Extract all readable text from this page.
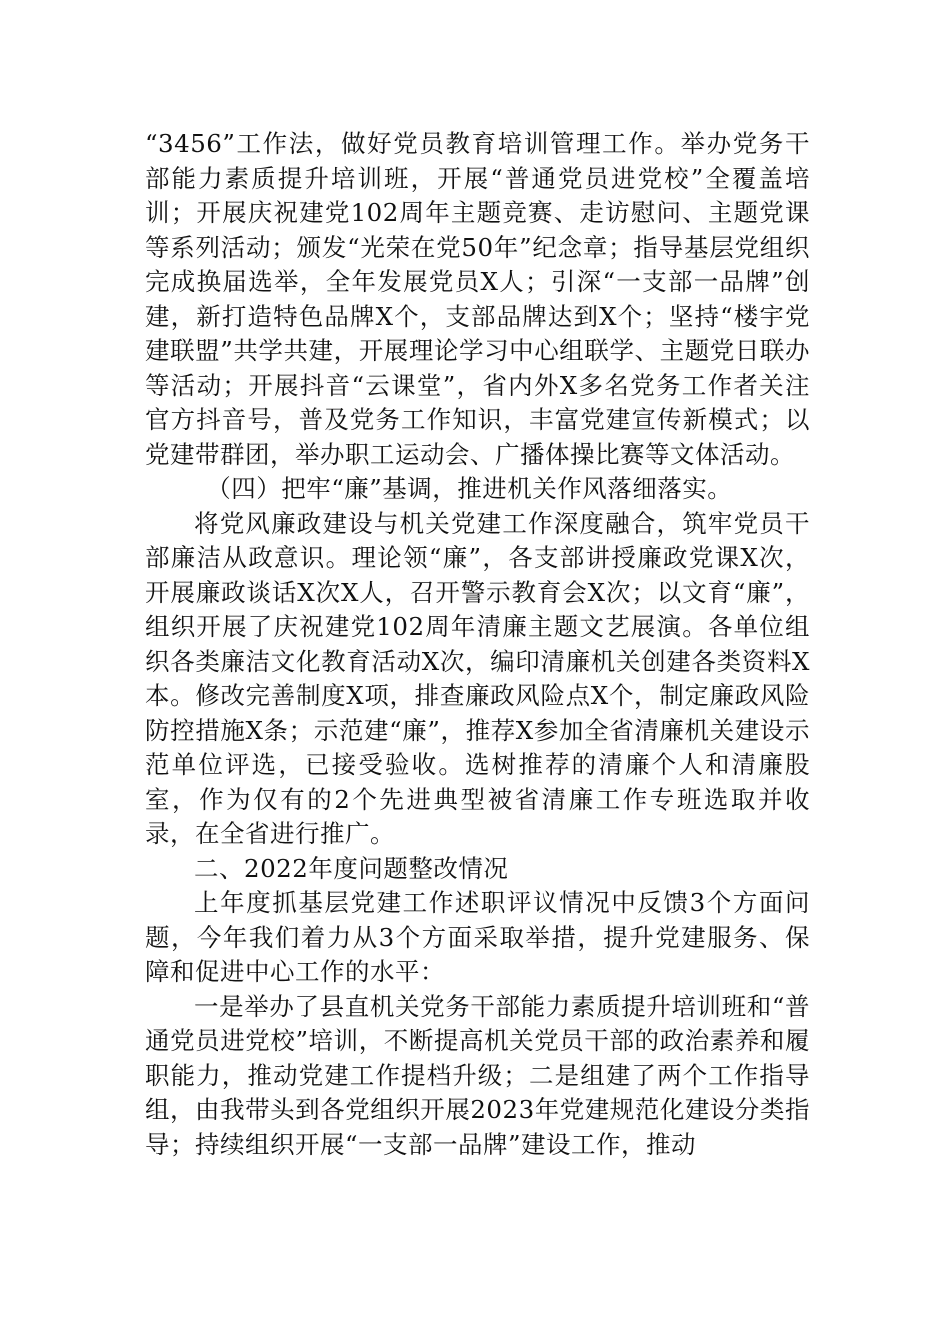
“3456”工作法，做好党员教育培训管理工作。举办党务干部能力素质提升培训班，开展“普通党员进党校”全覆盖培训；开展庆祝建党102周年主题竞赛、走访慰问、主题党课等系列活动；颁发“光荣在党50年”纪念章；指导基层党组织完成换届选举，全年发展党员X人；引深“一支部一品牌”创建，新打造特色品牌X个，支部品牌达到X个；坚持“楼宇党建联盟”共学共建，开展理论学习中心组联学、主题党日联办等活动；开展抖音“云课堂”，省内外X多名党务工作者关注官方抖音号，普及党务工作知识，丰富党建宣传新模式；以党建带群团，举办职工运动会、广播体操比赛等文体活动。

（四）把牢“廉”基调，推进机关作风落细落实。

将党风廉政建设与机关党建工作深度融合，筑牢党员干部廉洁从政意识。理论领“廉”，各支部讲授廉政党课X次，开展廉政谈话X次X人，召开警示教育会X次；以文育“廉”，组织开展了庆祝建党102周年清廉主题文艺展演。各单位组织各类廉洁文化教育活动X次，编印清廉机关创建各类资料X本。修改完善制度X项，排查廉政风险点X个，制定廉政风险防控措施X条；示范建“廉”，推荐X参加全省清廉机关建设示范单位评选，已接受验收。选树推荐的清廉个人和清廉股室，作为仅有的2个先进典型被省清廉工作专班选取并收录，在全省进行推广。

二、2022年度问题整改情况

上年度抓基层党建工作述职评议情况中反馈3个方面问题，今年我们着力从3个方面采取举措，提升党建服务、保障和促进中心工作的水平：

一是举办了县直机关党务干部能力素质提升培训班和“普通党员进党校”培训，不断提高机关党员干部的政治素养和履职能力，推动党建工作提档升级；二是组建了两个工作指导组，由我带头到各党组织开展2023年党建规范化建设分类指导；持续组织开展“一支部一品牌”建设工作，推动
